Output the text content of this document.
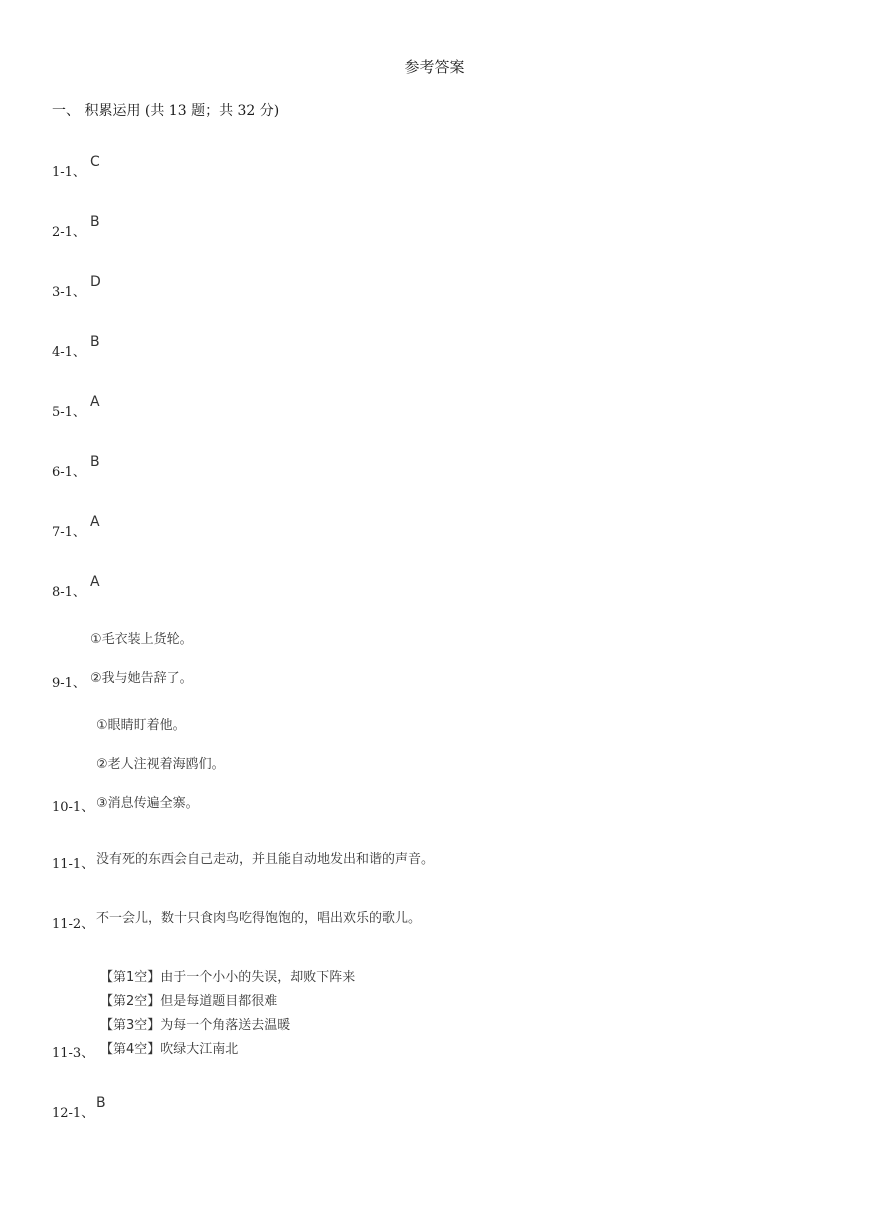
参考答案
一、 积累运用 (共 13 题；共 32 分)
1-1、
C
2-1、
B
3-1、
D
4-1、
B
5-1、
A
6-1、
B
7-1、
A
8-1、
A
①毛衣装上货轮。
9-1、 ②我与她告辞了。
①眼睛盯着他。
②老人注视着海鸥们。
10-1、 ③消息传遍全寨。
11-1、 没有死的东西会自己走动，并且能自动地发出和谐的声音。
11-2、 不一会儿，数十只食肉鸟吃得饱饱的，唱出欢乐的歌儿。
【第1空】由于一个小小的失误，却败下阵来
【第2空】但是每道题目都很难
【第3空】为每一个角落送去温暖
11-3、 【第4空】吹绿大江南北
12-1、
B
